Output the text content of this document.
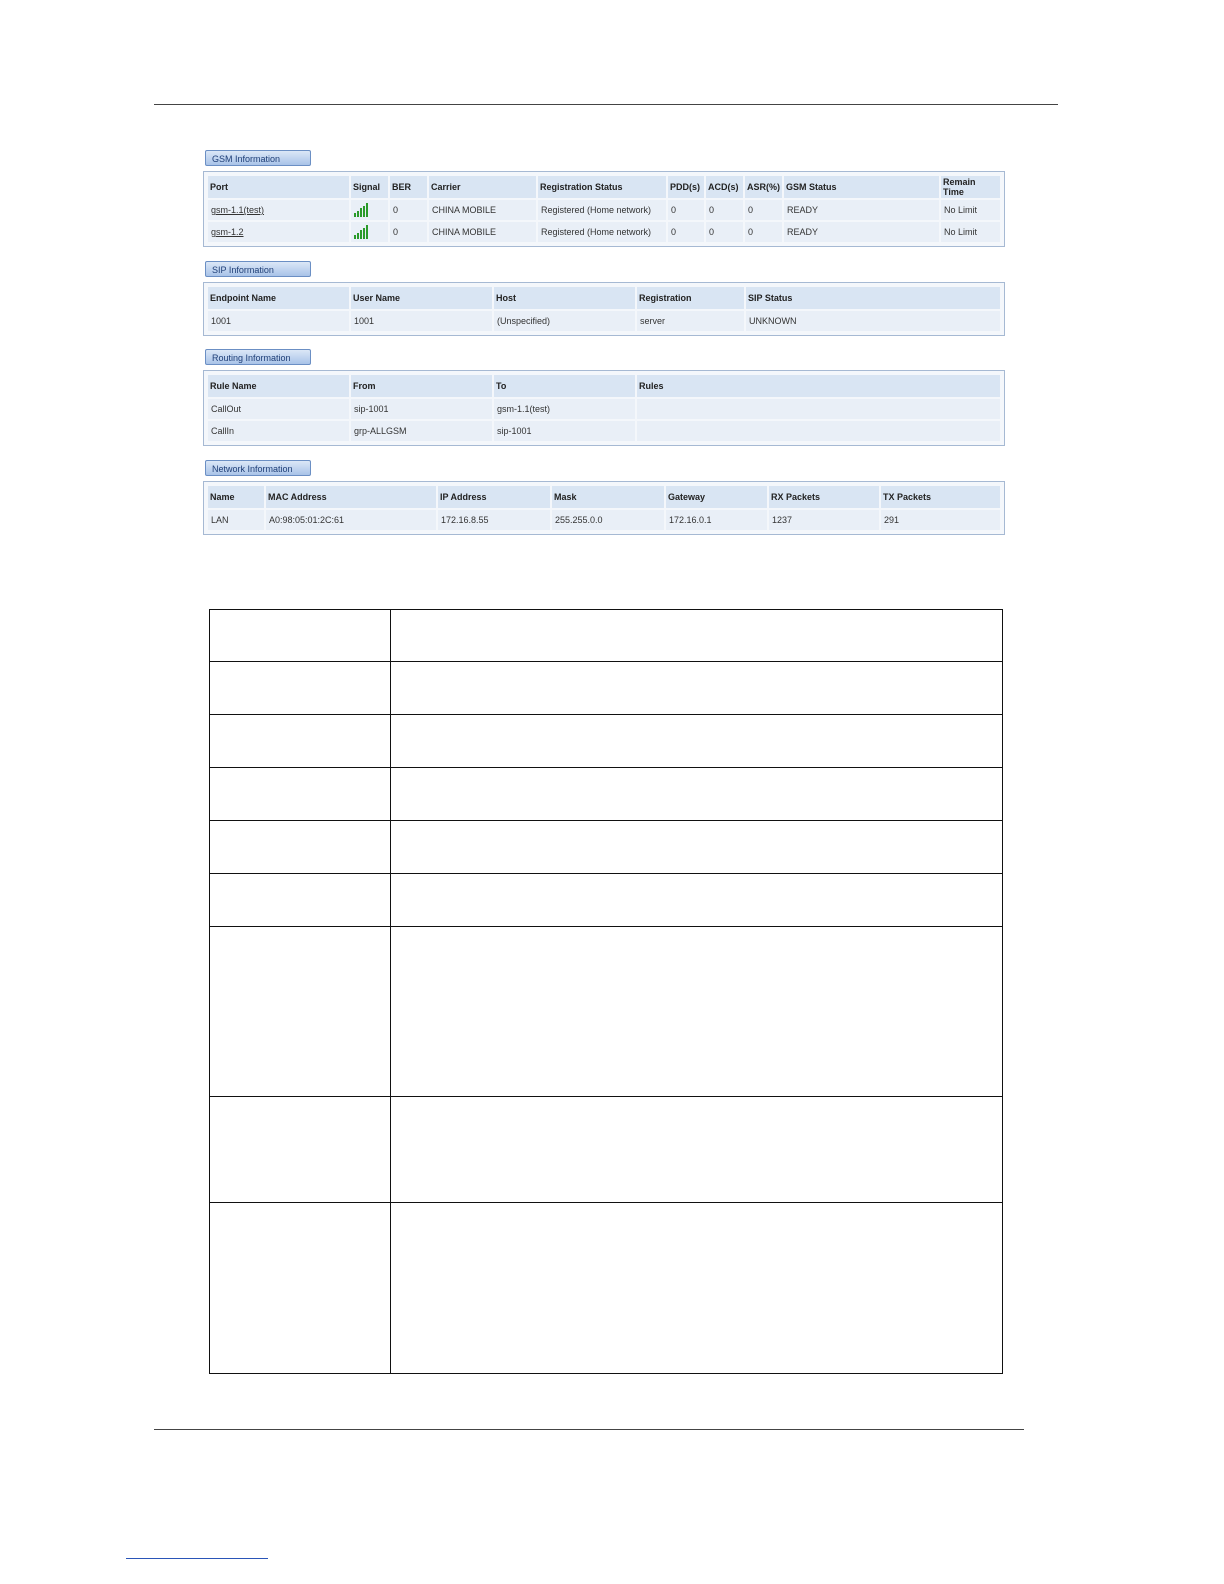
GSM Information
Port	Signal	BER	Carrier	Registration Status	PDD(s)	ACD(s)	ASR(%)	GSM Status	Remain Time
gsm-1.1(test)		0	CHINA MOBILE	Registered (Home network)	0	0	0	READY	No Limit
gsm-1.2		0	CHINA MOBILE	Registered (Home network)	0	0	0	READY	No Limit
SIP Information
Endpoint Name	User Name	Host	Registration	SIP Status
1001	1001	(Unspecified)	server	UNKNOWN
Routing Information
Rule Name	From	To	Rules
CallOut	sip-1001	gsm-1.1(test)	
CallIn	grp-ALLGSM	sip-1001	
Network Information
Name	MAC Address	IP Address	Mask	Gateway	RX Packets	TX Packets
LAN	A0:98:05:01:2C:61	172.16.8.55	255.255.0.0	172.16.0.1	1237	291
